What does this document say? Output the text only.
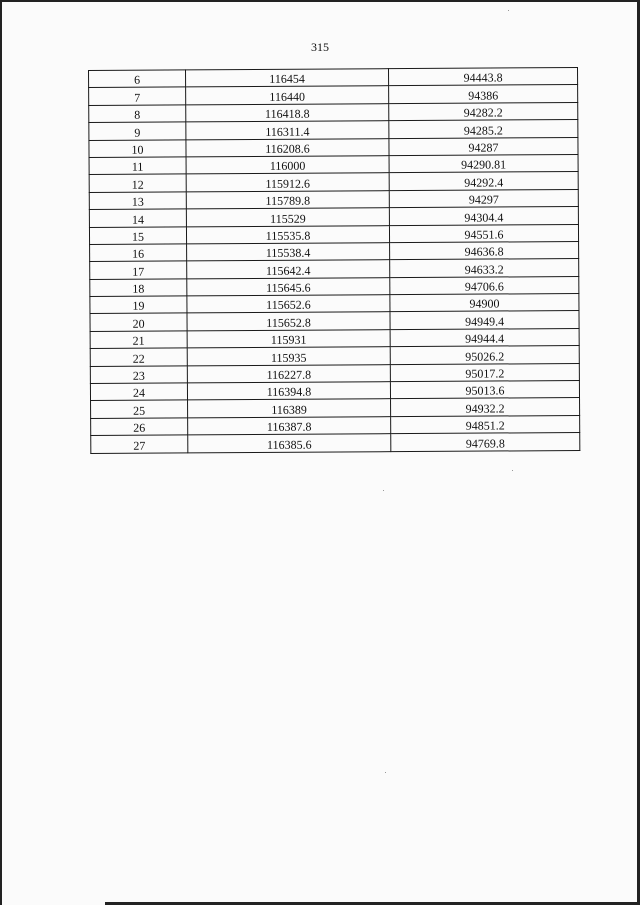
315
6	116454	94443.8
7	116440	94386
8	116418.8	94282.2
9	116311.4	94285.2
10	116208.6	94287
11	116000	94290.81
12	115912.6	94292.4
13	115789.8	94297
14	115529	94304.4
15	115535.8	94551.6
16	115538.4	94636.8
17	115642.4	94633.2
18	115645.6	94706.6
19	115652.6	94900
20	115652.8	94949.4
21	115931	94944.4
22	115935	95026.2
23	116227.8	95017.2
24	116394.8	95013.6
25	116389	94932.2
26	116387.8	94851.2
27	116385.6	94769.8
